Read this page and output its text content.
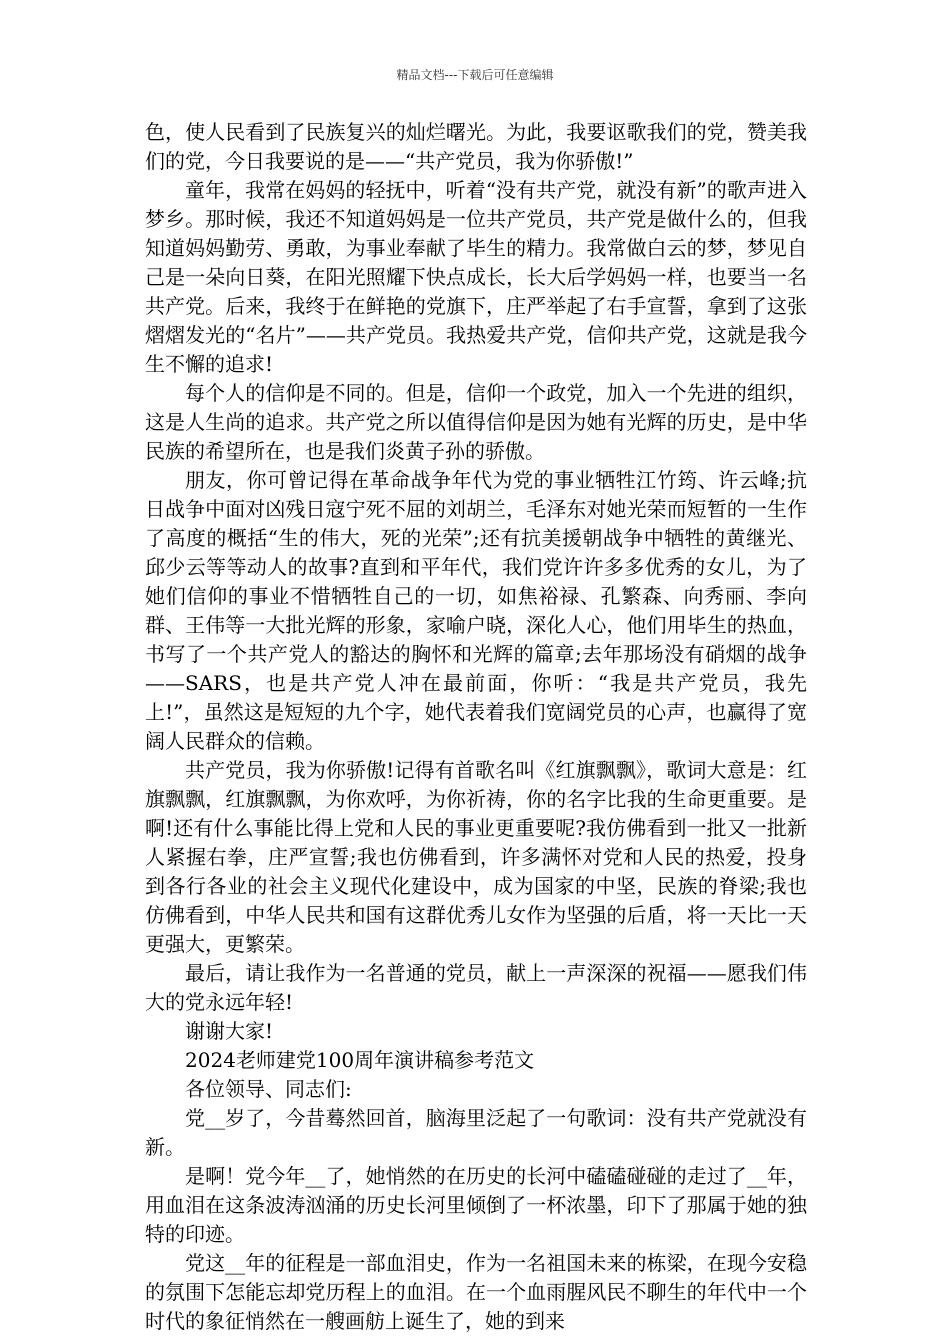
精品文档---下载后可任意编辑

色，使人民看到了民族复兴的灿烂曙光。为此，我要讴歌我们的党，赞美我们的党，今日我要说的是——“共产党员，我为你骄傲!”

童年，我常在妈妈的轻抚中，听着“没有共产党，就没有新”的歌声进入梦乡。那时候，我还不知道妈妈是一位共产党员，共产党是做什么的，但我知道妈妈勤劳、勇敢，为事业奉献了毕生的精力。我常做白云的梦，梦见自己是一朵向日葵，在阳光照耀下快点成长，长大后学妈妈一样，也要当一名共产党。后来，我终于在鲜艳的党旗下，庄严举起了右手宣誓，拿到了这张熠熠发光的“名片”——共产党员。我热爱共产党，信仰共产党，这就是我今生不懈的追求!

每个人的信仰是不同的。但是，信仰一个政党，加入一个先进的组织，这是人生尚的追求。共产党之所以值得信仰是因为她有光辉的历史，是中华民族的希望所在，也是我们炎黄子孙的骄傲。

朋友，你可曾记得在革命战争年代为党的事业牺牲江竹筠、许云峰;抗日战争中面对凶残日寇宁死不屈的刘胡兰，毛泽东对她光荣而短暂的一生作了高度的概括“生的伟大，死的光荣”;还有抗美援朝战争中牺牲的黄继光、邱少云等等动人的故事?直到和平年代，我们党许许多多优秀的女儿，为了她们信仰的事业不惜牺牲自己的一切，如焦裕禄、孔繁森、向秀丽、李向群、王伟等一大批光辉的形象，家喻户晓，深化人心，他们用毕生的热血，书写了一个共产党人的豁达的胸怀和光辉的篇章;去年那场没有硝烟的战争——SARS，也是共产党人冲在最前面，你听：“我是共产党员，我先上!”，虽然这是短短的九个字，她代表着我们宽阔党员的心声，也赢得了宽阔人民群众的信赖。

共产党员，我为你骄傲!记得有首歌名叫《红旗飘飘》，歌词大意是：红旗飘飘，红旗飘飘，为你欢呼，为你祈祷，你的名字比我的生命更重要。是啊!还有什么事能比得上党和人民的事业更重要呢?我仿佛看到一批又一批新人紧握右拳，庄严宣誓;我也仿佛看到，许多满怀对党和人民的热爱，投身到各行各业的社会主义现代化建设中，成为国家的中坚，民族的脊梁;我也仿佛看到，中华人民共和国有这群优秀儿女作为坚强的后盾，将一天比一天更强大，更繁荣。

最后，请让我作为一名普通的党员，献上一声深深的祝福——愿我们伟大的党永远年轻!

谢谢大家!

2024老师建党100周年演讲稿参考范文

各位领导、同志们:

党__岁了，今昔蓦然回首，脑海里泛起了一句歌词：没有共产党就没有新。

是啊！党今年__了，她悄然的在历史的长河中磕磕碰碰的走过了__年，用血泪在这条波涛汹涌的历史长河里倾倒了一杯浓墨，印下了那属于她的独特的印迹。

党这__年的征程是一部血泪史，作为一名祖国未来的栋梁，在现今安稳的氛围下怎能忘却党历程上的血泪。在一个血雨腥风民不聊生的年代中一个时代的象征悄然在一艘画舫上诞生了，她的到来
